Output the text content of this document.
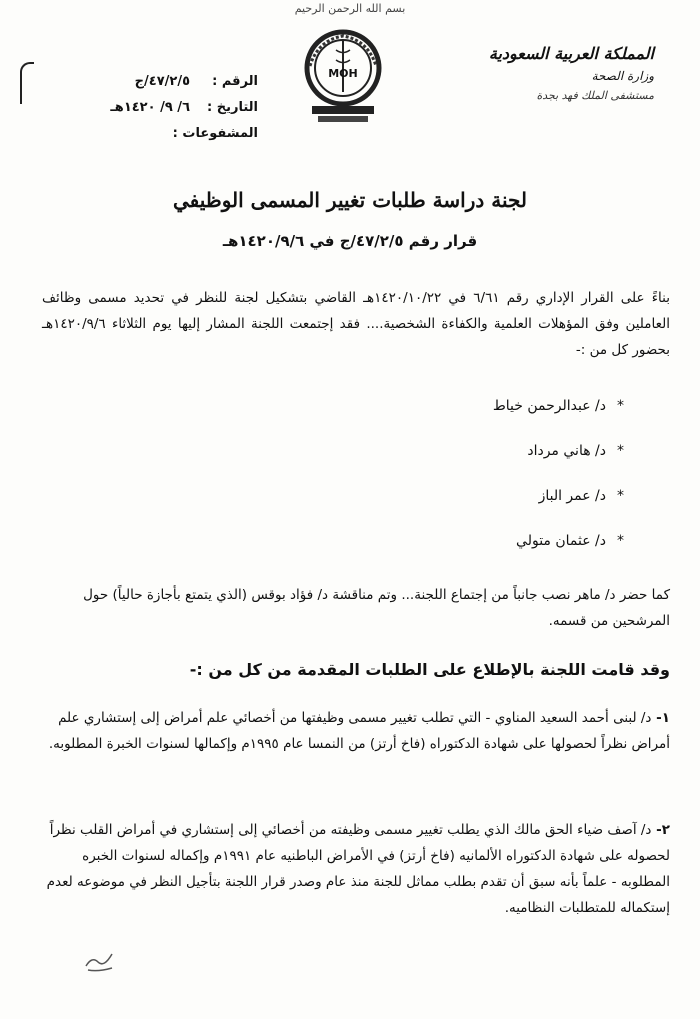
بسم الله الرحمن الرحيم
المملكة العربية السعودية
وزارة الصحة
مستشفى الملك فهد بجدة
MOH
الرقم :
٤٧/٢/٥/ج
التاريخ :
٦/ ٩/ ١٤٢٠هـ
المشفوعات :
لجنة دراسة طلبات تغيير المسمى الوظيفي
قرار رقم ٤٧/٢/٥/ج في ١٤٢٠/٩/٦هـ
بناءً على القرار الإداري رقم ٦/٦١ في ١٤٢٠/١٠/٢٢هـ القاضي بتشكيل لجنة للنظر في تحديد مسمى وظائف العاملين وفق المؤهلات العلمية والكفاءة الشخصية.... فقد إجتمعت اللجنة المشار إليها يوم الثلاثاء ١٤٢٠/٩/٦هـ بحضور كل من :-
*
د/ عبدالرحمن خياط
*
د/ هاني مرداد
*
د/ عمر الباز
*
د/ عثمان متولي
كما حضر د/ ماهر نصب جانباً من إجتماع اللجنة... وتم مناقشة د/ فؤاد بوقس (الذي يتمتع بأجازة حالياً) حول المرشحين من قسمه.
وقد قامت اللجنة بالإطلاع على الطلبات المقدمة من كل من :-
١- د/ لبنى أحمد السعيد المناوي - التي تطلب تغيير مسمى وظيفتها من أخصائي علم أمراض إلى إستشاري علم أمراض نظراً لحصولها على شهادة الدكتوراه (فاخ أرتز) من النمسا عام ١٩٩٥م وإكمالها لسنوات الخبرة المطلوبه.
٢- د/ آصف ضياء الحق مالك الذي يطلب تغيير مسمى وظيفته من أخصائي إلى إستشاري في أمراض القلب نظراً لحصوله على شهادة الدكتوراه الألمانيه (فاخ أرتز) في الأمراض الباطنيه عام ١٩٩١م وإكماله لسنوات الخبره المطلوبه - علماً بأنه سبق أن تقدم بطلب مماثل للجنة منذ عام وصدر قرار اللجنة بتأجيل النظر في موضوعه لعدم إستكماله للمتطلبات النظاميه.
